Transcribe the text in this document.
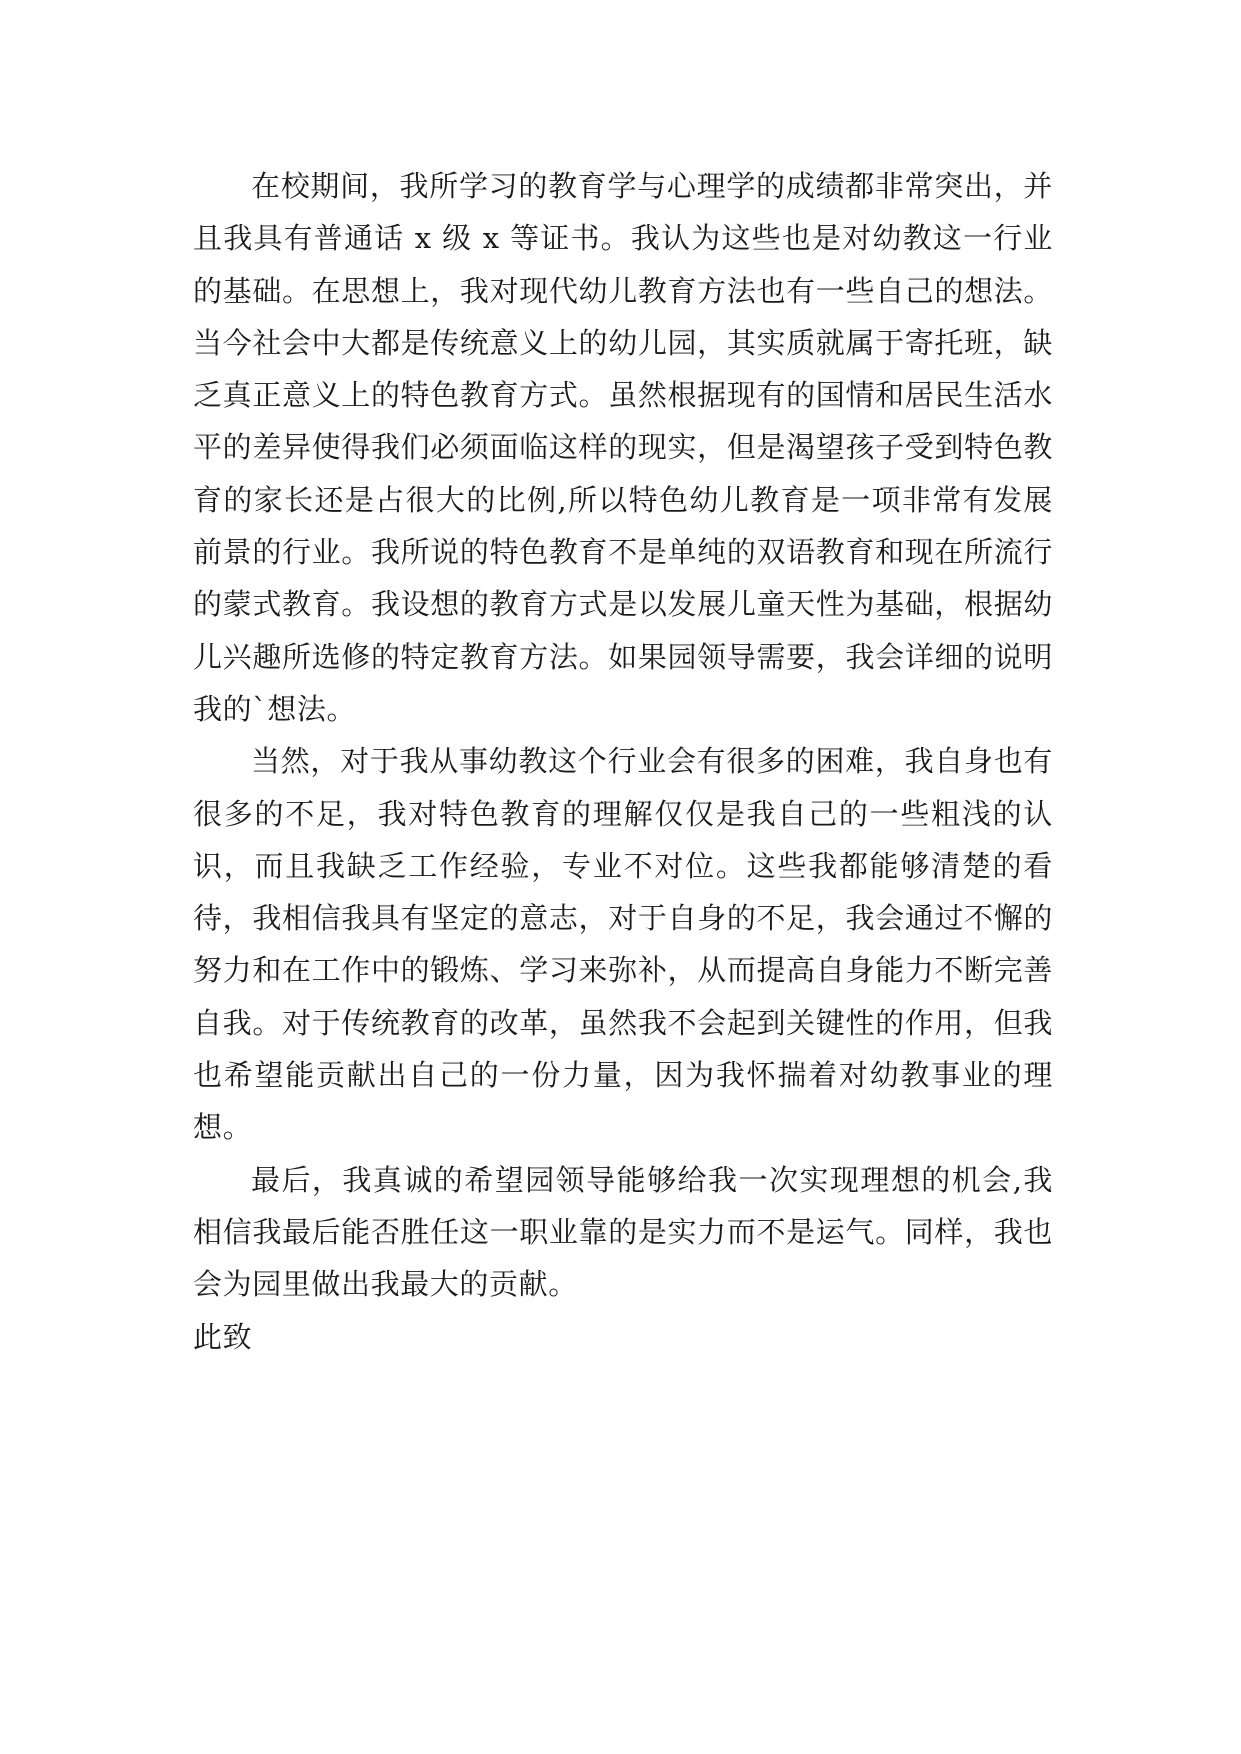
在校期间，我所学习的教育学与心理学的成绩都非常突出，并且我具有普通话 x 级 x 等证书。我认为这些也是对幼教这一行业的基础。在思想上，我对现代幼儿教育方法也有一些自己的想法。当今社会中大都是传统意义上的幼儿园，其实质就属于寄托班，缺乏真正意义上的特色教育方式。虽然根据现有的国情和居民生活水平的差异使得我们必须面临这样的现实，但是渴望孩子受到特色教育的家长还是占很大的比例,所以特色幼儿教育是一项非常有发展前景的行业。我所说的特色教育不是单纯的双语教育和现在所流行的蒙式教育。我设想的教育方式是以发展儿童天性为基础，根据幼儿兴趣所选修的特定教育方法。如果园领导需要，我会详细的说明我的`想法。

当然，对于我从事幼教这个行业会有很多的困难，我自身也有很多的不足，我对特色教育的理解仅仅是我自己的一些粗浅的认识，而且我缺乏工作经验，专业不对位。这些我都能够清楚的看待，我相信我具有坚定的意志，对于自身的不足，我会通过不懈的努力和在工作中的锻炼、学习来弥补，从而提高自身能力不断完善自我。对于传统教育的改革，虽然我不会起到关键性的作用，但我也希望能贡献出自己的一份力量，因为我怀揣着对幼教事业的理想。

最后，我真诚的希望园领导能够给我一次实现理想的机会,我相信我最后能否胜任这一职业靠的是实力而不是运气。同样，我也会为园里做出我最大的贡献。

此致
